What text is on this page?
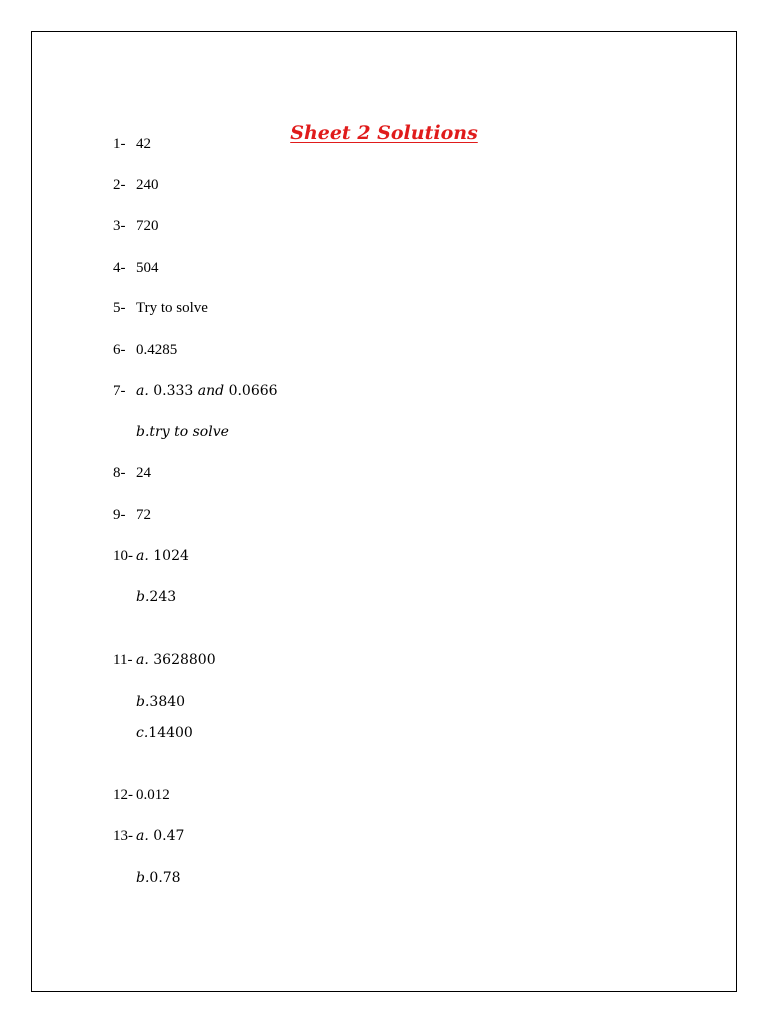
Sheet 2 Solutions
1- 42
2- 240
3- 720
4- 504
5- Try to solve
6- 0.4285
7- a. 0.333 and 0.0666
b.try to solve
8- 24
9- 72
10- a. 1024
b.243
11- a. 3628800
b.3840
c.14400
12- 0.012
13- a. 0.47
b.0.78
